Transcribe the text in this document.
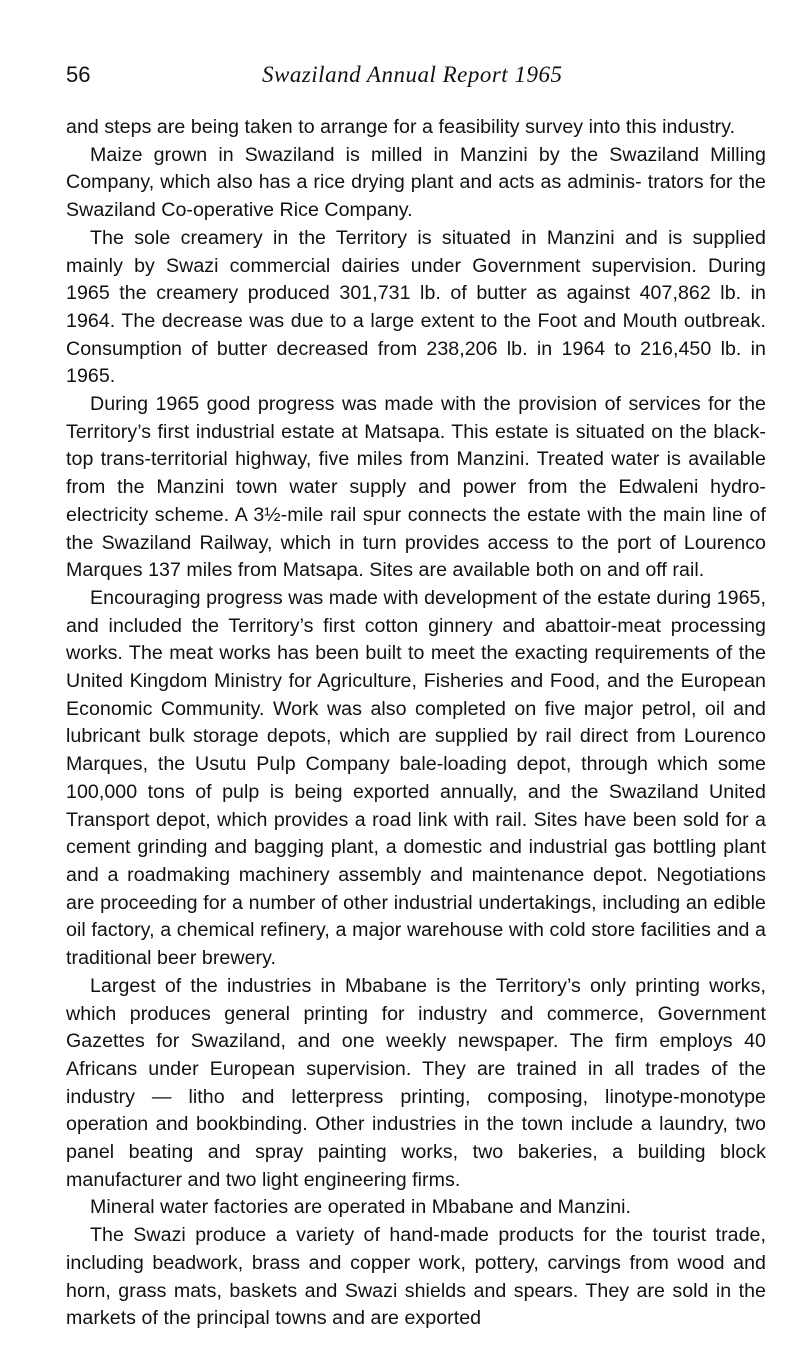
56	Swaziland Annual Report 1965

and steps are being taken to arrange for a feasibility survey into this industry.

Maize grown in Swaziland is milled in Manzini by the Swaziland Milling Company, which also has a rice drying plant and acts as adminis- trators for the Swaziland Co-operative Rice Company.

The sole creamery in the Territory is situated in Manzini and is supplied mainly by Swazi commercial dairies under Government supervision. During 1965 the creamery produced 301,731 lb. of butter as against 407,862 lb. in 1964. The decrease was due to a large extent to the Foot and Mouth outbreak. Consumption of butter decreased from 238,206 lb. in 1964 to 216,450 lb. in 1965.

During 1965 good progress was made with the provision of services for the Territory’s first industrial estate at Matsapa. This estate is situated on the black-top trans-territorial highway, five miles from Manzini. Treated water is available from the Manzini town water supply and power from the Edwaleni hydro-electricity scheme. A 3½-mile rail spur connects the estate with the main line of the Swaziland Railway, which in turn provides access to the port of Lourenco Marques 137 miles from Matsapa. Sites are available both on and off rail.

Encouraging progress was made with development of the estate during 1965, and included the Territory’s first cotton ginnery and abattoir-meat processing works. The meat works has been built to meet the exacting requirements of the United Kingdom Ministry for Agriculture, Fisheries and Food, and the European Economic Community. Work was also completed on five major petrol, oil and lubricant bulk storage depots, which are supplied by rail direct from Lourenco Marques, the Usutu Pulp Company bale-loading depot, through which some 100,000 tons of pulp is being exported annually, and the Swaziland United Transport depot, which provides a road link with rail. Sites have been sold for a cement grinding and bagging plant, a domestic and industrial gas bottling plant and a roadmaking machinery assembly and maintenance depot. Negotiations are proceeding for a number of other industrial undertakings, including an edible oil factory, a chemical refinery, a major warehouse with cold store facilities and a traditional beer brewery.

Largest of the industries in Mbabane is the Territory’s only printing works, which produces general printing for industry and commerce, Government Gazettes for Swaziland, and one weekly newspaper. The firm employs 40 Africans under European supervision. They are trained in all trades of the industry — litho and letterpress printing, composing, linotype-monotype operation and bookbinding. Other industries in the town include a laundry, two panel beating and spray painting works, two bakeries, a building block manufacturer and two light engineering firms.

Mineral water factories are operated in Mbabane and Manzini.

The Swazi produce a variety of hand-made products for the tourist trade, including beadwork, brass and copper work, pottery, carvings from wood and horn, grass mats, baskets and Swazi shields and spears. They are sold in the markets of the principal towns and are exported
